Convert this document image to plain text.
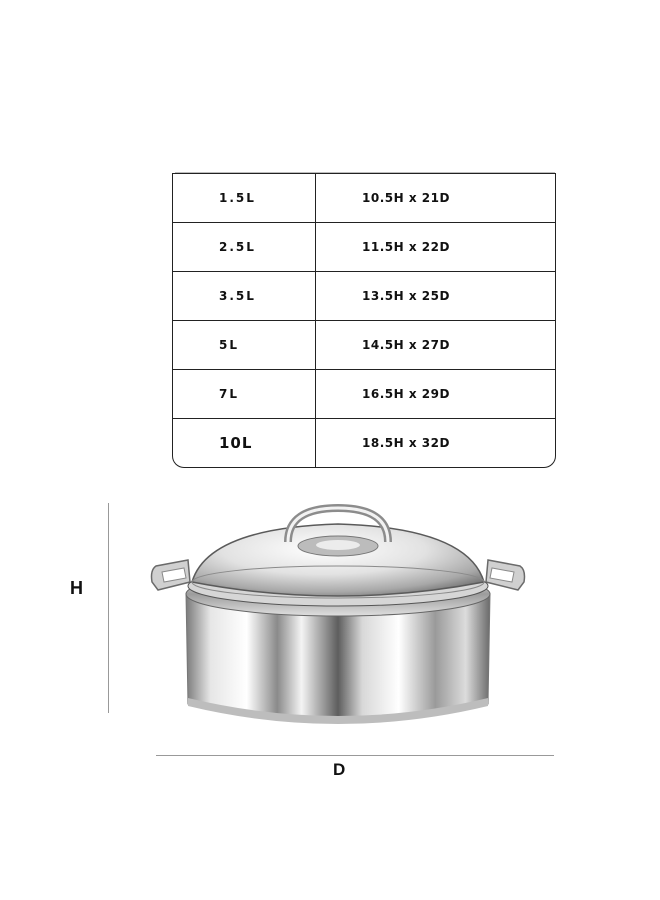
1.5L	10.5H x 21D
2.5L	11.5H x 22D
3.5L	13.5H x 25D
5L	14.5H x 27D
7L	16.5H x 29D
10L	18.5H x 32D
H
D
